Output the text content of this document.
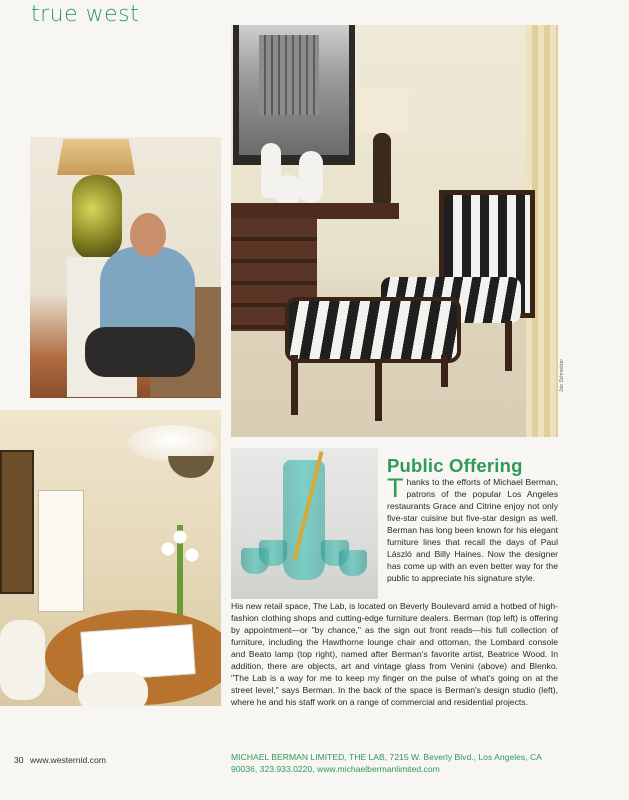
true west
Joe Schmelzer
Public Offering
Thanks to the efforts of Michael Berman, patrons of the popular Los Angeles restaurants Grace and Citrine enjoy not only five-star cuisine but five-star design as well. Berman has long been known for his elegant furniture lines that recall the days of Paul László and Billy Haines. Now the designer has come up with an even better way for the public to appreciate his signature style.
His new retail space, The Lab, is located on Beverly Boulevard amid a hotbed of high-fashion clothing shops and cutting-edge furniture dealers. Berman (top left) is offering by appointment—or "by chance," as the sign out front reads—his full collection of furniture, including the Hawthorne lounge chair and ottoman, the Lombard console and Beato lamp (top right), named after Berman's favorite artist, Beatrice Wood. In addition, there are objects, art and vintage glass from Venini (above) and Blenko. "The Lab is a way for me to keep my finger on the pulse of what's going on at the street level," says Berman. In the back of the space is Berman's design studio (left), where he and his staff work on a range of commercial and residential projects.
MICHAEL BERMAN LIMITED, THE LAB, 7215 W. Beverly Blvd., Los Angeles, CA 90036, 323.933.0220, www.michaelbermanlimited.com
30 www.westernid.com
